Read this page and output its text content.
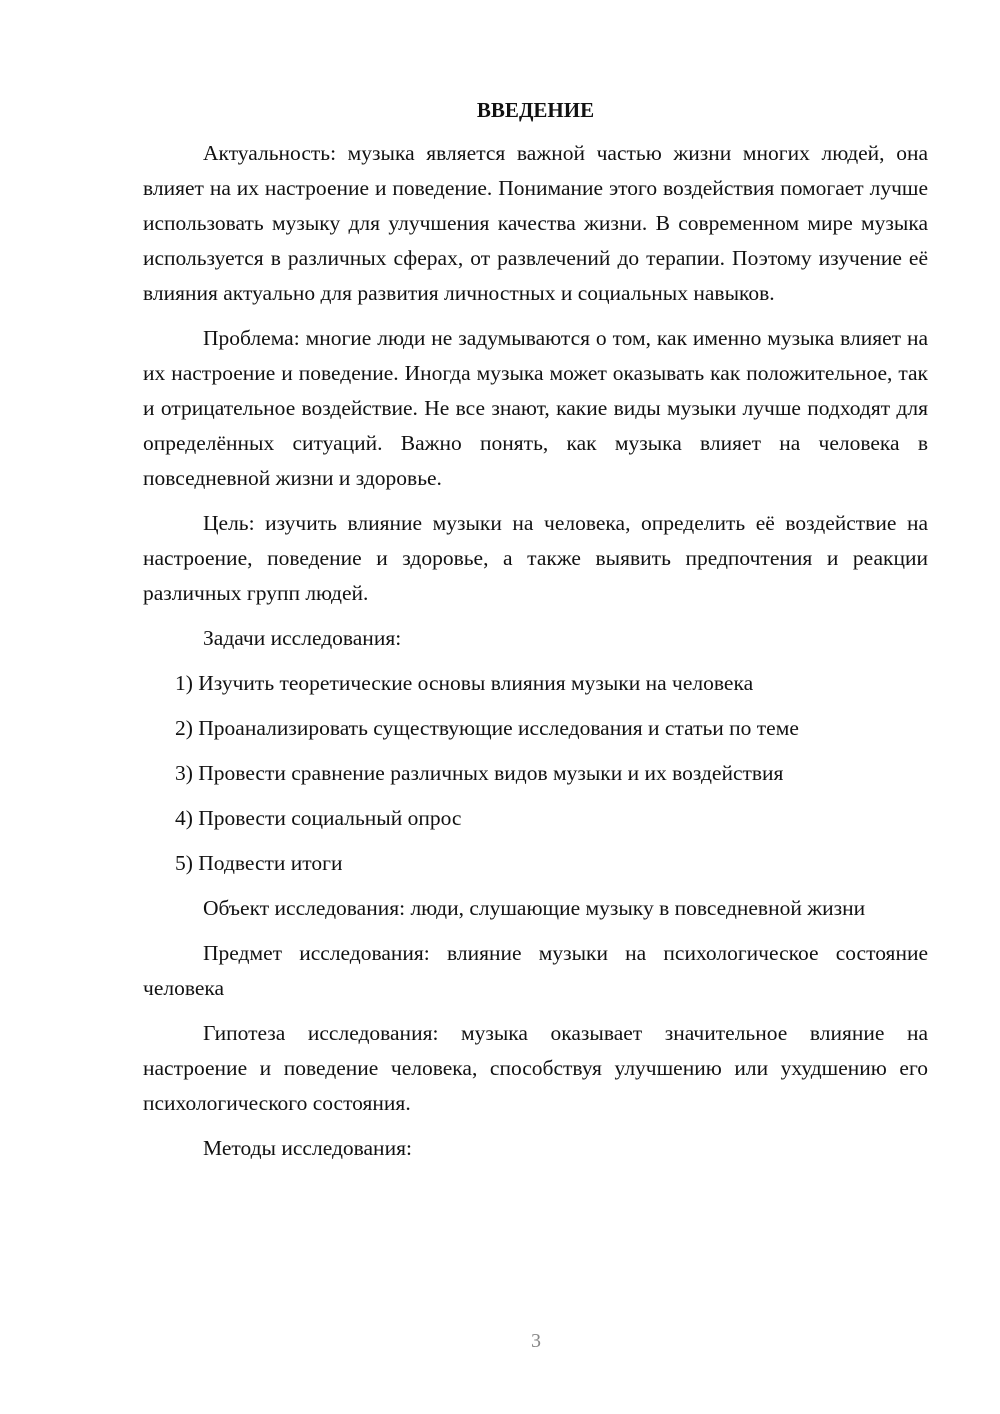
ВВЕДЕНИЕ

Актуальность: музыка является важной частью жизни многих людей, она влияет на их настроение и поведение. Понимание этого воздействия помогает лучше использовать музыку для улучшения качества жизни. В современном мире музыка используется в различных сферах, от развлечений до терапии. Поэтому изучение её влияния актуально для развития личностных и социальных навыков.

Проблема: многие люди не задумываются о том, как именно музыка влияет на их настроение и поведение. Иногда музыка может оказывать как положительное, так и отрицательное воздействие. Не все знают, какие виды музыки лучше подходят для определённых ситуаций. Важно понять, как музыка влияет на человека в повседневной жизни и здоровье.

Цель: изучить влияние музыки на человека, определить её воздействие на настроение, поведение и здоровье, а также выявить предпочтения и реакции различных групп людей.

Задачи исследования:

1) Изучить теоретические основы влияния музыки на человека

2) Проанализировать существующие исследования и статьи по теме

3) Провести сравнение различных видов музыки и их воздействия

4) Провести социальный опрос

5) Подвести итоги

Объект исследования: люди, слушающие музыку в повседневной жизни

Предмет исследования: влияние музыки на психологическое состояние человека

Гипотеза исследования: музыка оказывает значительное влияние на настроение и поведение человека, способствуя улучшению или ухудшению его психологического состояния.

Методы исследования:

3
